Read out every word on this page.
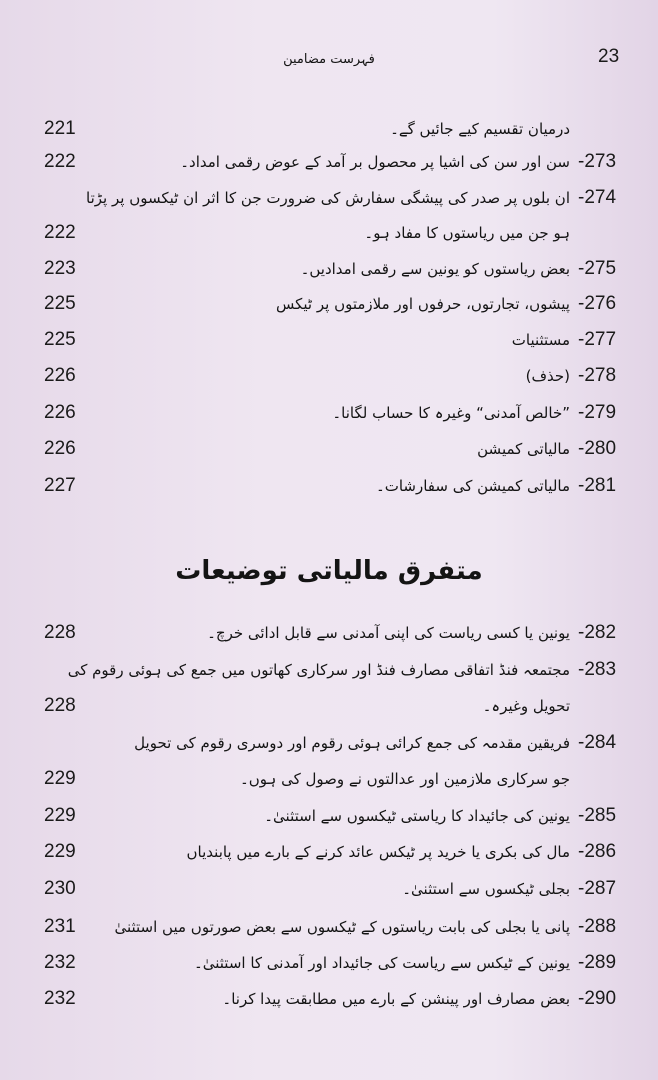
23
فہرست مضامین
221	درمیان تقسیم کیے جائیں گے۔
222	سن اور سن کی اشیا پر محصول بر آمد کے عوض رقمی امداد۔ -273
ان بلوں پر صدر کی پیشگی سفارش کی ضرورت جن کا اثر ان ٹیکسوں پر پڑتا -274
222	ہو جن میں ریاستوں کا مفاد ہو۔
223	بعض ریاستوں کو یونین سے رقمی امدادیں۔ -275
225	پیشوں، تجارتوں، حرفوں اور ملازمتوں پر ٹیکس -276
225	مستثنیات -277
226	(حذف) -278
226	”خالص آمدنی“ وغیرہ کا حساب لگانا۔ -279
226	مالیاتی کمیشن -280
227	مالیاتی کمیشن کی سفارشات۔ -281
متفرق مالیاتی توضیعات
228	یونین یا کسی ریاست کی اپنی آمدنی سے قابل ادائی خرچ۔ -282
مجتمعہ فنڈ اتفاقی مصارف فنڈ اور سرکاری کھاتوں میں جمع کی ہوئی رقوم کی -283
228	تحویل وغیرہ۔
فریقین مقدمہ کی جمع کرائی ہوئی رقوم اور دوسری رقوم کی تحویل -284
229	جو سرکاری ملازمین اور عدالتوں نے وصول کی ہوں۔
229	یونین کی جائیداد کا ریاستی ٹیکسوں سے استثنیٰ۔ -285
229	مال کی بکری یا خرید پر ٹیکس عائد کرنے کے بارے میں پابندیاں -286
230	بجلی ٹیکسوں سے استثنیٰ۔ -287
231	پانی یا بجلی کی بابت ریاستوں کے ٹیکسوں سے بعض صورتوں میں استثنیٰ -288
232	یونین کے ٹیکس سے ریاست کی جائیداد اور آمدنی کا استثنیٰ۔ -289
232	بعض مصارف اور پینشن کے بارے میں مطابقت پیدا کرنا۔ -290
